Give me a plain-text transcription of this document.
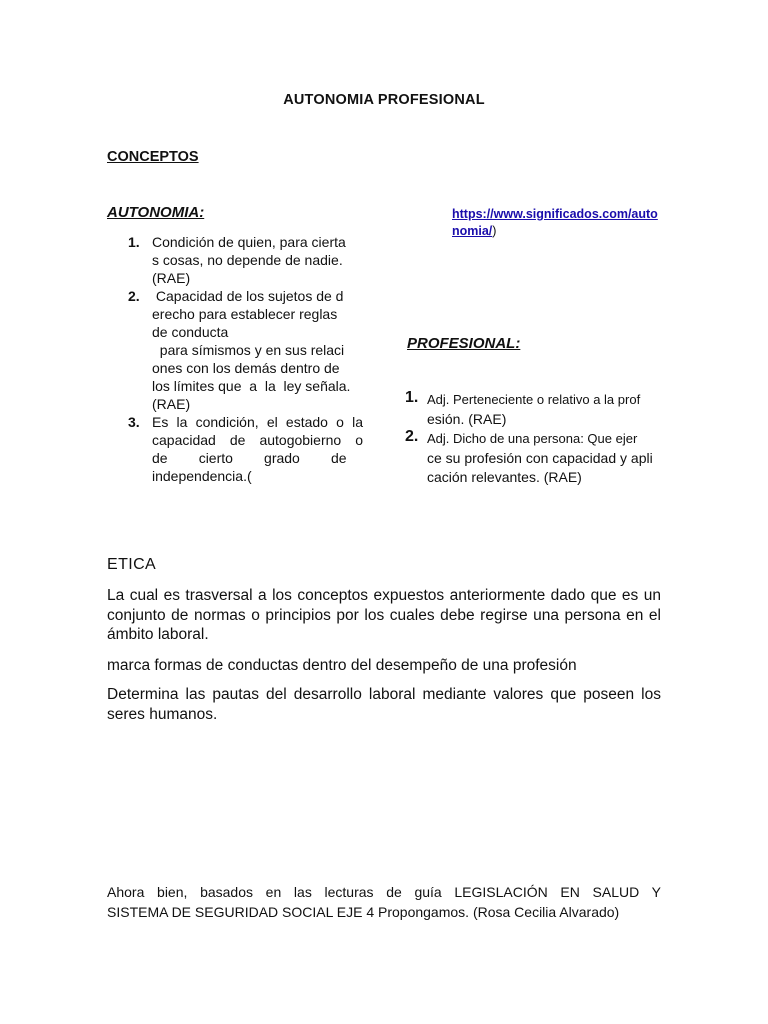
AUTONOMIA PROFESIONAL
CONCEPTOS
AUTONOMIA:	https://www.significados.com/autonomia/)
1. Condición de quien, para cierta
s cosas, no depende de nadie.
(RAE)
2. Capacidad de los sujetos de d
erecho para establecer reglas
de conducta
para símismos y en sus relaci
ones con los demás dentro de
los límites que  a  la  ley señala.
(RAE)
3. Es la condición, el estado o la
capacidad de autogobierno o
de        cierto        grado        de
independencia.(
PROFESIONAL:
1. Adj. Perteneciente o relativo a la prof
esión. (RAE)
2. Adj. Dicho de una persona: Que ejer
ce su profesión con capacidad y apli
cación relevantes. (RAE)
ETICA

La cual es trasversal a los conceptos expuestos anteriormente dado que es un conjunto de normas o principios por los cuales debe regirse una persona en el ámbito laboral.

marca formas de conductas dentro del desempeño de una profesión

Determina las pautas del desarrollo laboral mediante valores que poseen los seres humanos.

Ahora bien, basados en las lecturas de guía LEGISLACIÓN EN SALUD Y
SISTEMA DE SEGURIDAD SOCIAL EJE 4 Propongamos. (Rosa Cecilia Alvarado)
